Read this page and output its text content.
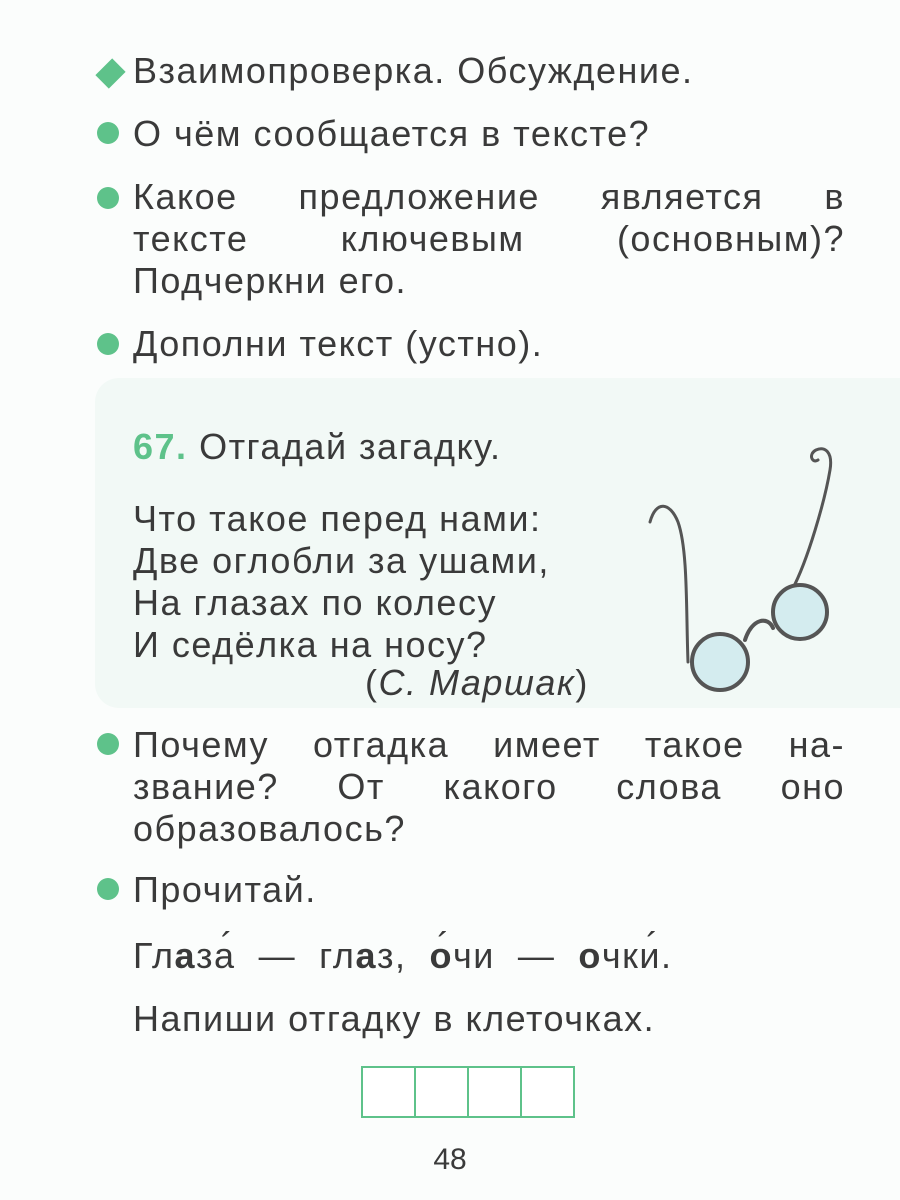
Взаимопроверка. Обсуждение.
О чём сообщается в тексте?
Какое предложение является в
тексте ключевым (основным)?
Подчеркни его.
Дополни текст (устно).
67. Отгадай загадку.
Что такое перед нами:
Две оглобли за ушами,
На глазах по колесу
И седёлка на носу?
(С. Маршак)
Почему отгадка имеет такое на-
звание? От какого слова оно
образовалось?
Прочитай.
Глаза ´  —  глаз, о ´чи  —  очки ´.
Напиши отгадку в клеточках.
48
